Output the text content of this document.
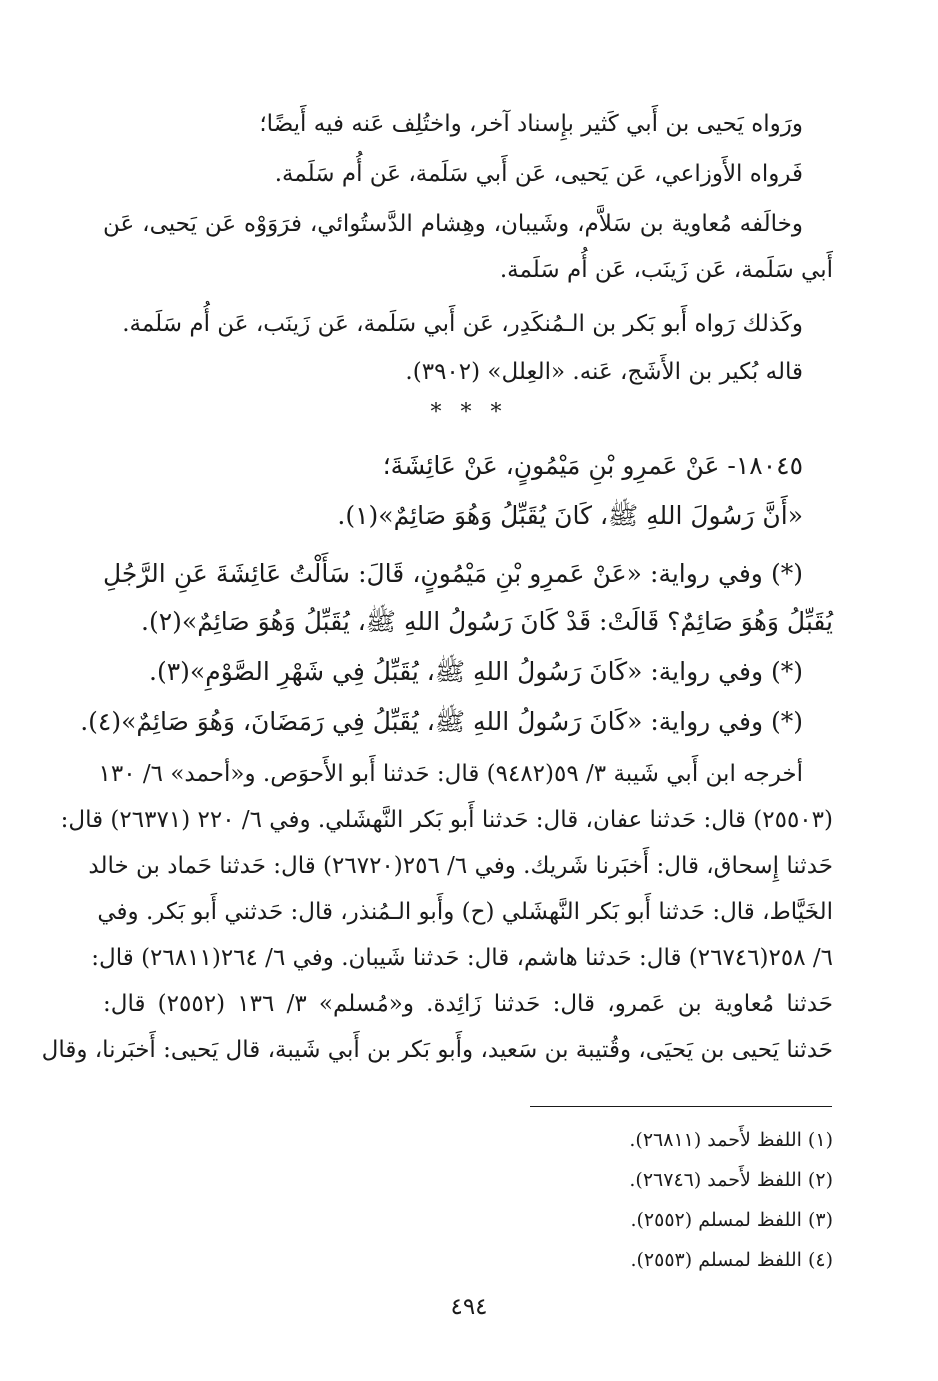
ورَواه يَحيى بن أَبي كَثير بإِسناد آخر، واختُلِف عَنه فيه أَيضًا؛
فَرواه الأَوزاعي، عَن يَحيى، عَن أَبي سَلَمة، عَن أُم سَلَمة.
وخالَفه مُعاوية بن سَلاَّم، وشَيبان، وهِشام الدَّستُوائي، فرَوَوْه عَن يَحيى، عَن
أَبي سَلَمة، عَن زَينَب، عَن أُم سَلَمة.
وكَذلك رَواه أَبو بَكر بن الـمُنكَدِر، عَن أَبي سَلَمة، عَن زَينَب، عَن أُم سَلَمة.
قاله بُكير بن الأَشَج، عَنه. «العِلل» (٣٩٠٢).
* * *
١٨٠٤٥- عَنْ عَمرِو بْنِ مَيْمُونٍ، عَنْ عَائِشَةَ؛
«أَنَّ رَسُولَ اللهِ ﷺ، كَانَ يُقَبِّلُ وَهُوَ صَائِمٌ»(١).
(*) وفي رواية: «عَنْ عَمرِو بْنِ مَيْمُونٍ، قَالَ: سَأَلْتُ عَائِشَةَ عَنِ الرَّجُلِ
يُقَبِّلُ وَهُوَ صَائِمٌ؟ قَالَتْ: قَدْ كَانَ رَسُولُ اللهِ ﷺ، يُقَبِّلُ وَهُوَ صَائِمٌ»(٢).
(*) وفي رواية: «كَانَ رَسُولُ اللهِ ﷺ، يُقَبِّلُ فِي شَهْرِ الصَّوْمِ»(٣).
(*) وفي رواية: «كَانَ رَسُولُ اللهِ ﷺ، يُقَبِّلُ فِي رَمَضَانَ، وَهُوَ صَائِمٌ»(٤).
أخرجه ابن أَبي شَيبة ٣/ ٥٩(٩٤٨٢) قال: حَدثنا أَبو الأَحوَص. و«أحمد» ٦/ ١٣٠
(٢٥٥٠٣) قال: حَدثنا عفان، قال: حَدثنا أَبو بَكر النَّهشَلي. وفي ٦/ ٢٢٠ (٢٦٣٧١) قال:
حَدثنا إِسحاق، قال: أَخبَرنا شَريك. وفي ٦/ ٢٥٦(٢٦٧٢٠) قال: حَدثنا حَماد بن خالد
الخَيَّاط، قال: حَدثنا أَبو بَكر النَّهشَلي (ح) وأَبو الـمُنذر، قال: حَدثني أَبو بَكر. وفي
٦/ ٢٥٨(٢٦٧٤٦) قال: حَدثنا هاشم، قال: حَدثنا شَيبان. وفي ٦/ ٢٦٤(٢٦٨١١) قال:
حَدثنا مُعاوية بن عَمرو، قال: حَدثنا زَائِدة. و«مُسلم» ٣/ ١٣٦ (٢٥٥٢) قال:
حَدثنا يَحيى بن يَحيَى، وقُتيبة بن سَعيد، وأَبو بَكر بن أَبي شَيبة، قال يَحيى: أَخبَرنا، وقال
(١) اللفظ لأَحمد (٢٦٨١١).
(٢) اللفظ لأَحمد (٢٦٧٤٦).
(٣) اللفظ لمسلم (٢٥٥٢).
(٤) اللفظ لمسلم (٢٥٥٣).
٤٩٤
